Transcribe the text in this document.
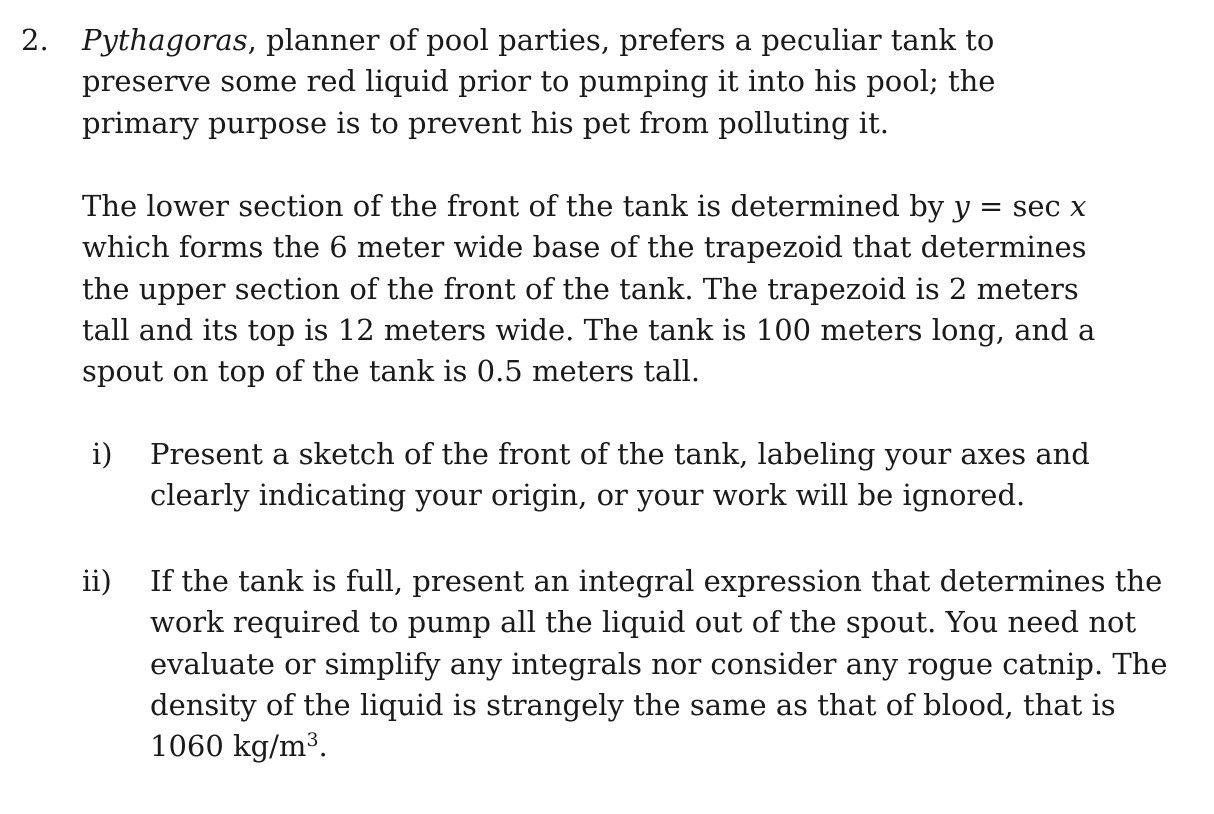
2. Pythagoras, planner of pool parties, prefers a peculiar tank to
preserve some red liquid prior to pumping it into his pool; the
primary purpose is to prevent his pet from polluting it.
The lower section of the front of the tank is determined by y = sec x
which forms the 6 meter wide base of the trapezoid that determines
the upper section of the front of the tank. The trapezoid is 2 meters
tall and its top is 12 meters wide. The tank is 100 meters long, and a
spout on top of the tank is 0.5 meters tall.
i)	Present a sketch of the front of the tank, labeling your axes and
clearly indicating your origin, or your work will be ignored.
ii)	If the tank is full, present an integral expression that determines the
work required to pump all the liquid out of the spout. You need not
evaluate or simplify any integrals nor consider any rogue catnip. The
density of the liquid is strangely the same as that of blood, that is
1060 $kg/m^3$.
